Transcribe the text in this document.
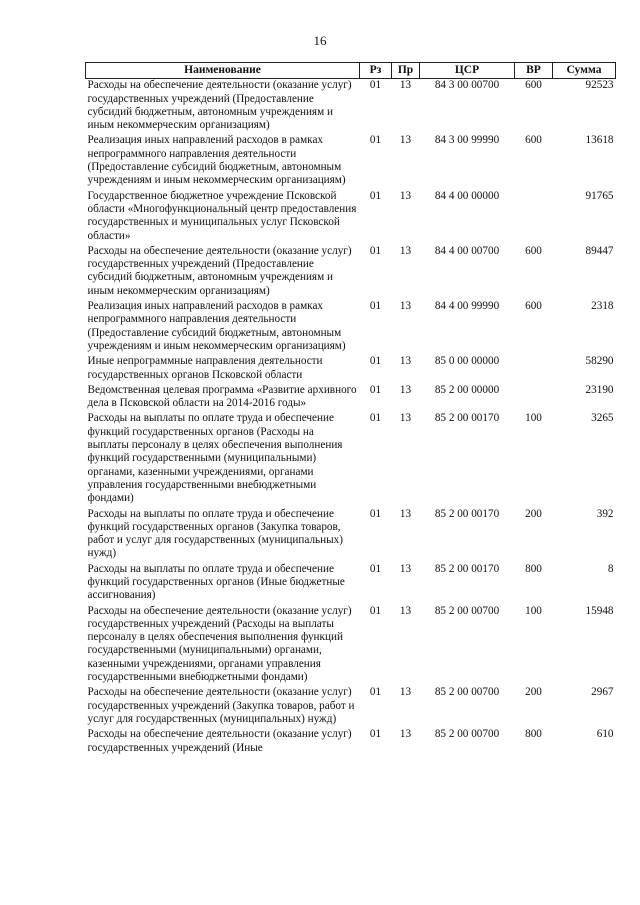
16
Наименование	Рз	Пр	ЦСР	ВР	Сумма
Расходы на обеспечение деятельности (оказание услуг) государственных учреждений (Предоставление субсидий бюджетным, автономным учреждениям и иным некоммерческим организациям)	01	13	84 3 00 00700	600	92523
Реализация иных направлений расходов в рамках непрограммного направления деятельности (Предоставление субсидий бюджетным, автономным учреждениям и иным некоммерческим организациям)	01	13	84 3 00 99990	600	13618
Государственное бюджетное учреждение Псковской области «Многофункциональный центр предоставления государственных и муниципальных услуг Псковской области»	01	13	84 4 00 00000		91765
Расходы на обеспечение деятельности (оказание услуг) государственных учреждений (Предоставление субсидий бюджетным, автономным учреждениям и иным некоммерческим организациям)	01	13	84 4 00 00700	600	89447
Реализация иных направлений расходов в рамках непрограммного направления деятельности (Предоставление субсидий бюджетным, автономным учреждениям и иным некоммерческим организациям)	01	13	84 4 00 99990	600	2318
Иные непрограммные направления деятельности государственных органов Псковской области	01	13	85 0 00 00000		58290
Ведомственная целевая программа «Развитие архивного дела в Псковской области на 2014-2016 годы»	01	13	85 2 00 00000		23190
Расходы на выплаты по оплате труда и обеспечение функций государственных органов (Расходы на выплаты персоналу в целях обеспечения выполнения функций государственными (муниципальными) органами, казенными учреждениями, органами управления государственными внебюджетными фондами)	01	13	85 2 00 00170	100	3265
Расходы на выплаты по оплате труда и обеспечение функций государственных органов (Закупка товаров, работ и услуг для государственных (муниципальных) нужд)	01	13	85 2 00 00170	200	392
Расходы на выплаты по оплате труда и обеспечение функций государственных органов (Иные бюджетные ассигнования)	01	13	85 2 00 00170	800	8
Расходы на обеспечение деятельности (оказание услуг) государственных учреждений (Расходы на выплаты персоналу в целях обеспечения выполнения функций государственными (муниципальными) органами, казенными учреждениями, органами управления государственными внебюджетными фондами)	01	13	85 2 00 00700	100	15948
Расходы на обеспечение деятельности (оказание услуг) государственных учреждений (Закупка товаров, работ и услуг для государственных (муниципальных) нужд)	01	13	85 2 00 00700	200	2967
Расходы на обеспечение деятельности (оказание услуг) государственных учреждений (Иные	01	13	85 2 00 00700	800	610
